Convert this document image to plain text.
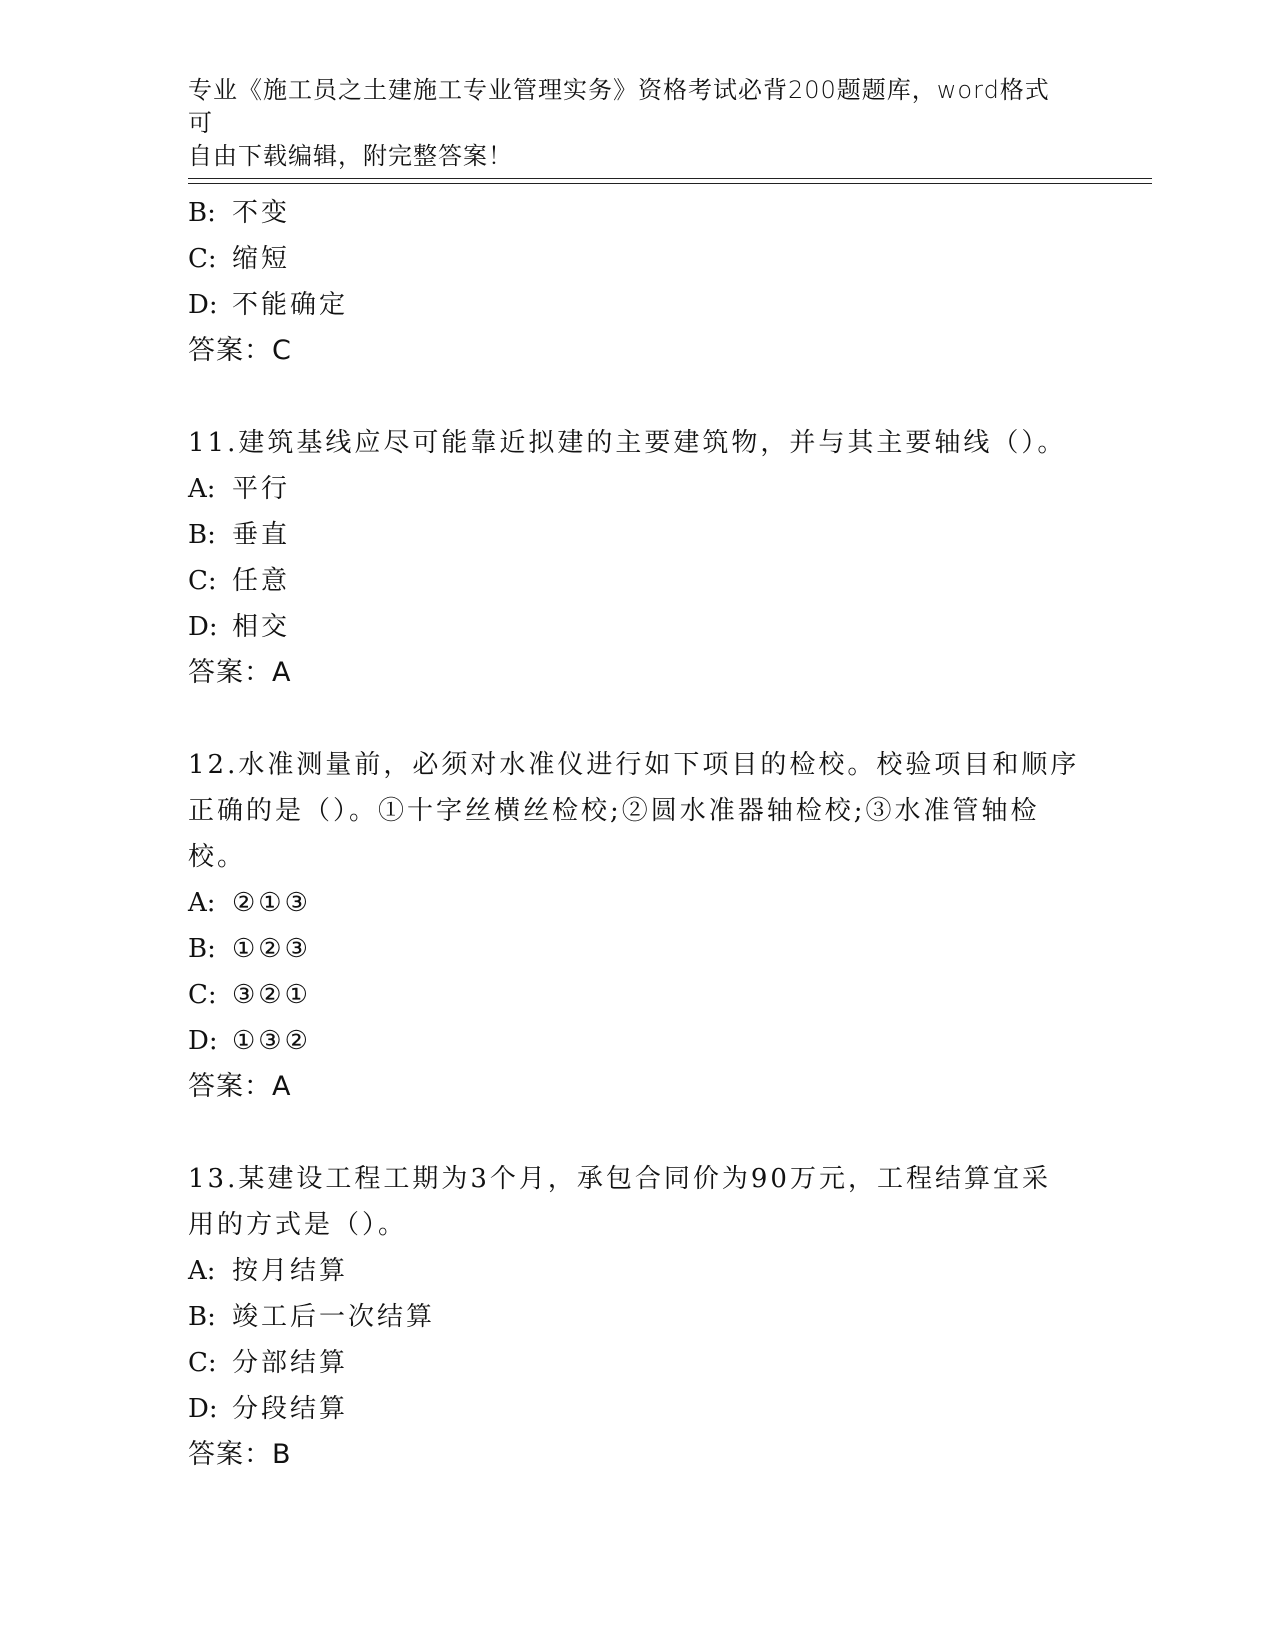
专业《施工员之土建施工专业管理实务》资格考试必背200题题库，word格式可
自由下载编辑，附完整答案！
B: 不变
C: 缩短
D: 不能确定
答案：C
11.建筑基线应尽可能靠近拟建的主要建筑物，并与其主要轴线（）。
A: 平行
B: 垂直
C: 任意
D: 相交
答案：A
12.水准测量前，必须对水准仪进行如下项目的检校。校验项目和顺序
正确的是（）。①十字丝横丝检校;②圆水准器轴检校;③水准管轴检
校。
A: ②①③
B: ①②③
C: ③②①
D: ①③②
答案：A
13.某建设工程工期为3个月，承包合同价为90万元，工程结算宜采
用的方式是（）。
A: 按月结算
B: 竣工后一次结算
C: 分部结算
D: 分段结算
答案：B
